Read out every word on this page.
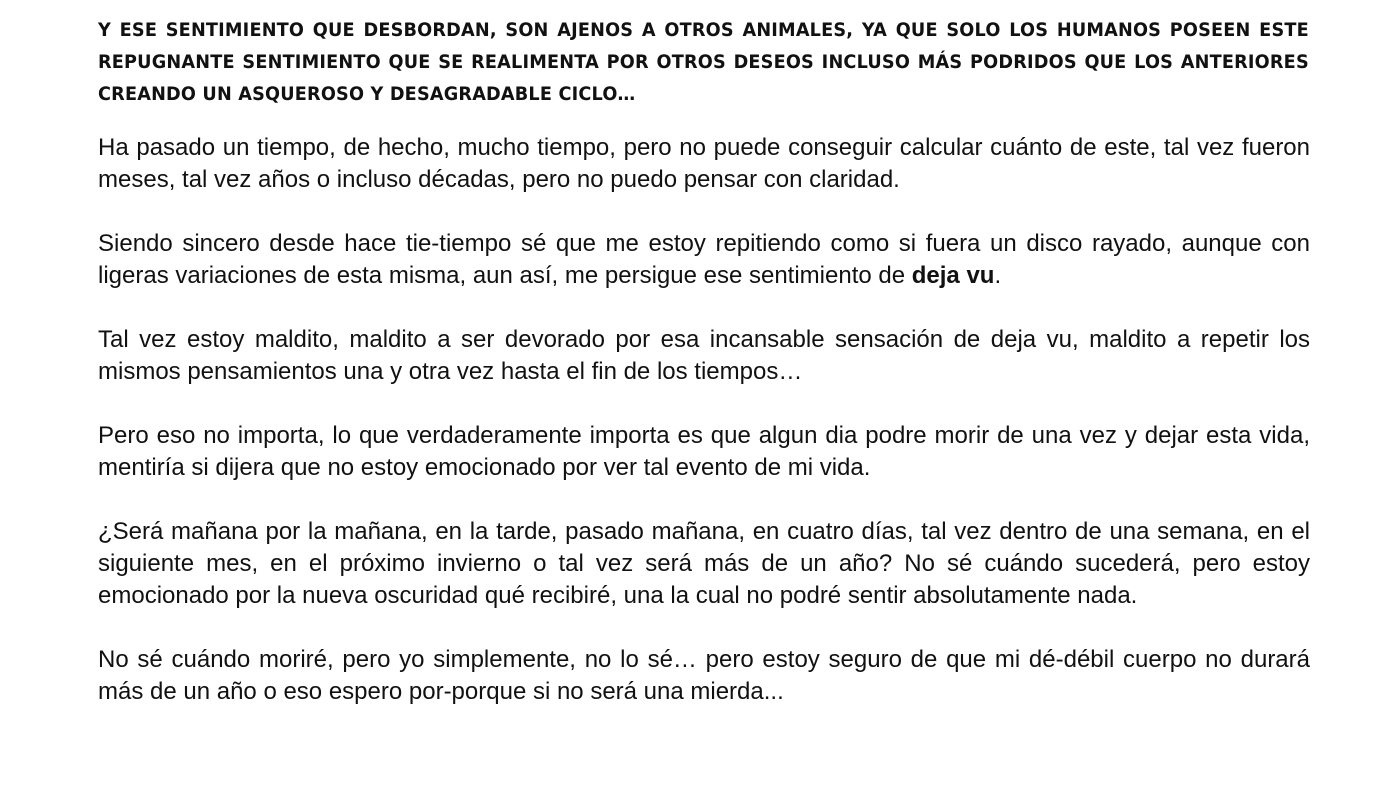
Y ESE SENTIMIENTO QUE DESBORDAN, SON AJENOS A OTROS ANIMALES, YA QUE SOLO LOS HUMANOS POSEEN ESTE REPUGNANTE SENTIMIENTO QUE SE REALIMENTA POR OTROS DESEOS INCLUSO MÁS PODRIDOS QUE LOS ANTERIORES CREANDO UN ASQUEROSO Y DESAGRADABLE CICLO…

Ha pasado un tiempo, de hecho, mucho tiempo, pero no puede conseguir calcular cuánto de este, tal vez fueron meses, tal vez años o incluso décadas, pero no puedo pensar con claridad.

Siendo sincero desde hace tie-tiempo sé que me estoy repitiendo como si fuera un disco rayado, aunque con ligeras variaciones de esta misma, aun así, me persigue ese sentimiento de deja vu.

Tal vez estoy maldito, maldito a ser devorado por esa incansable sensación de deja vu, maldito a repetir los mismos pensamientos una y otra vez hasta el fin de los tiempos…

Pero eso no importa, lo que verdaderamente importa es que algun dia podre morir de una vez y dejar esta vida, mentiría si dijera que no estoy emocionado por ver tal evento de mi vida.

¿Será mañana por la mañana, en la tarde, pasado mañana, en cuatro días, tal vez dentro de una semana, en el siguiente mes, en el próximo invierno o tal vez será más de un año? No sé cuándo sucederá, pero estoy emocionado por la nueva oscuridad qué recibiré, una la cual no podré sentir absolutamente nada.

No sé cuándo moriré, pero yo simplemente, no lo sé… pero estoy seguro de que mi dé-débil cuerpo no durará más de un año o eso espero por-porque si no será una mierda...
